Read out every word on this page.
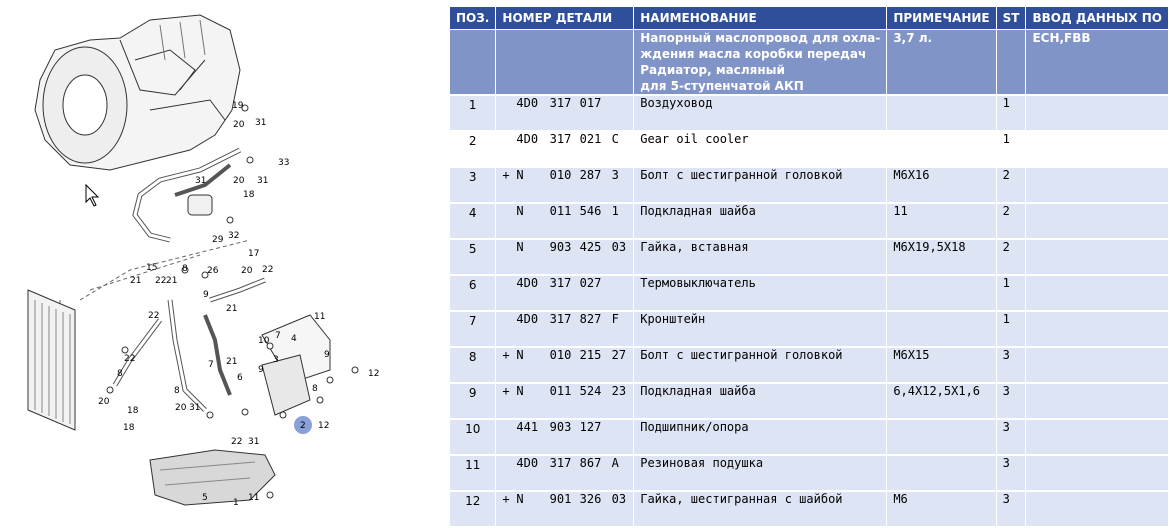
19
31
20
33
20 31
18
31
29 32
15	8 26
17
21 22 21
20 22
9
21
22
7
10
9
22
8
8
6
21
7
4
3
20 31
22 31
18
11
2 12
9
12
8
20
18
5	11
1
ПОЗ.	НОМЕР ДЕТАЛИ	НАИМЕНОВАНИЕ	ПРИМЕЧАНИЕ	ST	ВВОД ДАННЫХ ПО

		Напорный маслопровод для охла-
ждения масла коробки передач
Радиатор, масляный
для 5-ступенчатой АКП	3,7 л.		ECH,FBB
1	4D0 317 017	Воздуховод		1	
2	4D0 317 021 C	Gear oil cooler		1	
3	+ N 010 287 3	Болт с шестигранной головкой	M6X16	2	
4	N 011 546 1	Подкладная шайба	11	2	
5	N 903 425 03	Гайка, вставная	M6X19,5X18	2	
6	4D0 317 027	Термовыключатель		1	
7	4D0 317 827 F	Кронштейн		1	
8	+ N 010 215 27	Болт с шестигранной головкой	M6X15	3	
9	+ N 011 524 23	Подкладная шайба	6,4X12,5X1,6	3	
10	441 903 127	Подшипник/опора		3	
11	4D0 317 867 A	Резиновая подушка		3	
12	+ N 901 326 03	Гайка, шестигранная с шайбой	M6	3	
